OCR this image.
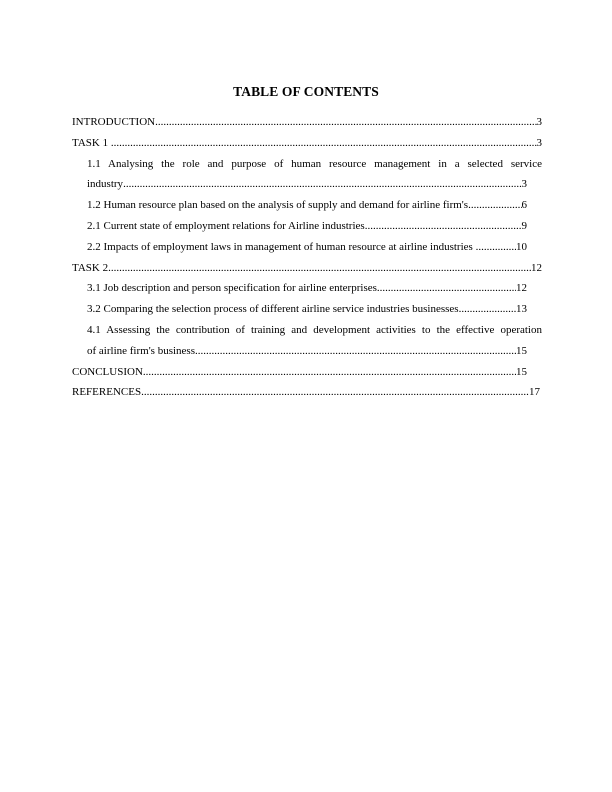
TABLE OF CONTENTS
INTRODUCTION .....	3
TASK 1 .....	3
1.1 Analysing the role and purpose of human resource management in a selected service
industry .....	3
1.2 Human resource plan based on the analysis of supply and demand for airline firm's .....	6
2.1 Current state of employment relations for Airline industries .....	9
2.2 Impacts of employment laws in management of human resource at airline industries .....	10
TASK 2 .....	12
3.1 Job description and person specification for airline enterprises .....	12
3.2 Comparing the selection process of different airline service industries businesses .....	13
4.1 Assessing the contribution of training and development activities to the effective operation
of airline firm's business .....	15
CONCLUSION .....	15
REFERENCES .....	17
